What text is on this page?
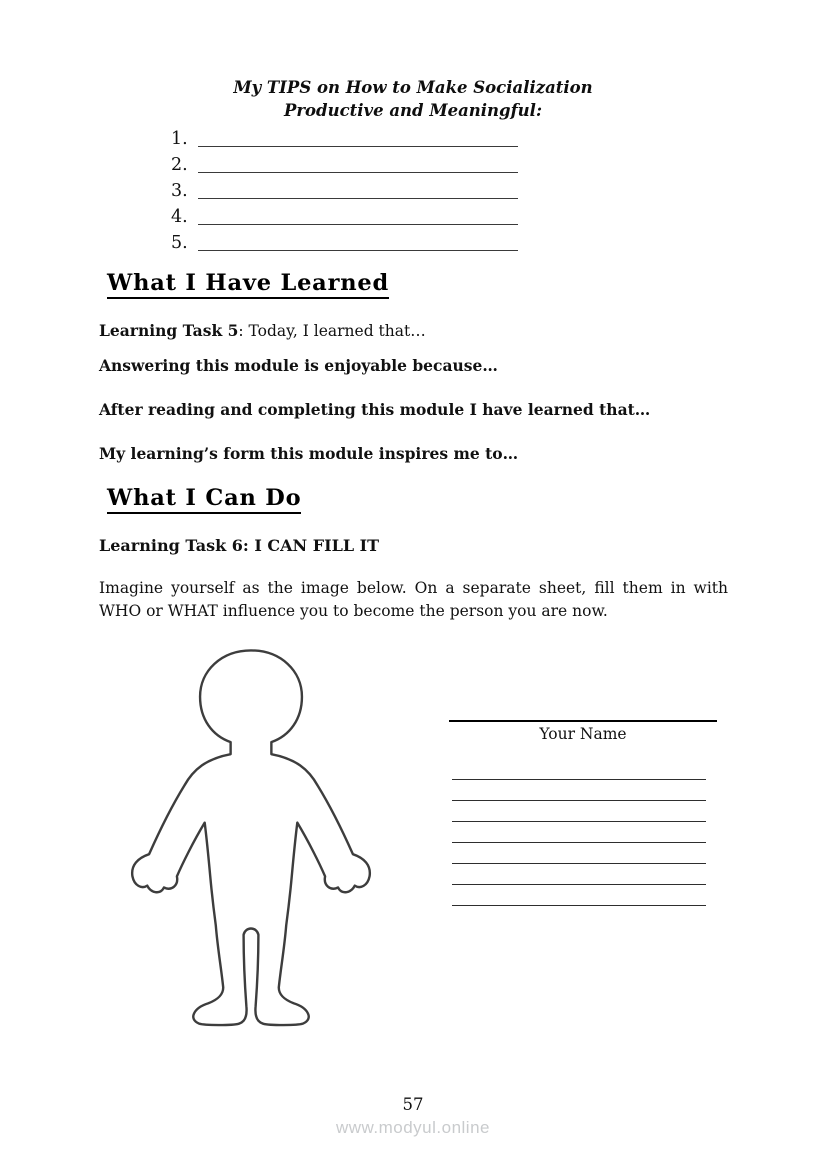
My TIPS on How to Make Socialization
Productive and Meaningful:
1.
2.
3.
4.
5.
What I Have Learned

Learning Task 5: Today, I learned that…

Answering this module is enjoyable because…

After reading and completing this module I have learned that…

My learning’s form this module inspires me to…

What I Can Do

Learning Task 6: I CAN FILL IT

Imagine yourself as the image below. On a separate sheet, fill them in with WHO or WHAT influence you to become the person you are now.

Your Name
57
www.modyul.online
